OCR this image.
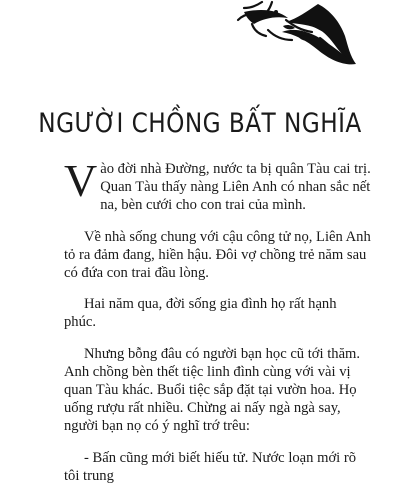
NGƯỜI CHỒNG BẤT NGHĨA

Vào đời nhà Đường, nước ta bị quân Tàu cai trị. Quan Tàu thấy nàng Liên Anh có nhan sắc nết na, bèn cưới cho con trai của mình.

Về nhà sống chung với cậu công tử nọ, Liên Anh tỏ ra đảm đang, hiền hậu. Đôi vợ chồng trẻ năm sau có đứa con trai đầu lòng.

Hai năm qua, đời sống gia đình họ rất hạnh phúc.

Nhưng bỗng đâu có người bạn học cũ tới thăm. Anh chồng bèn thết tiệc linh đình cùng với vài vị quan Tàu khác. Buổi tiệc sắp đặt tại vườn hoa. Họ uống rượu rất nhiều. Chừng ai nấy ngà ngà say, người bạn nọ có ý nghĩ trớ trêu:

- Bấn cũng mới biết hiếu tử. Nước loạn mới rõ tôi trung
